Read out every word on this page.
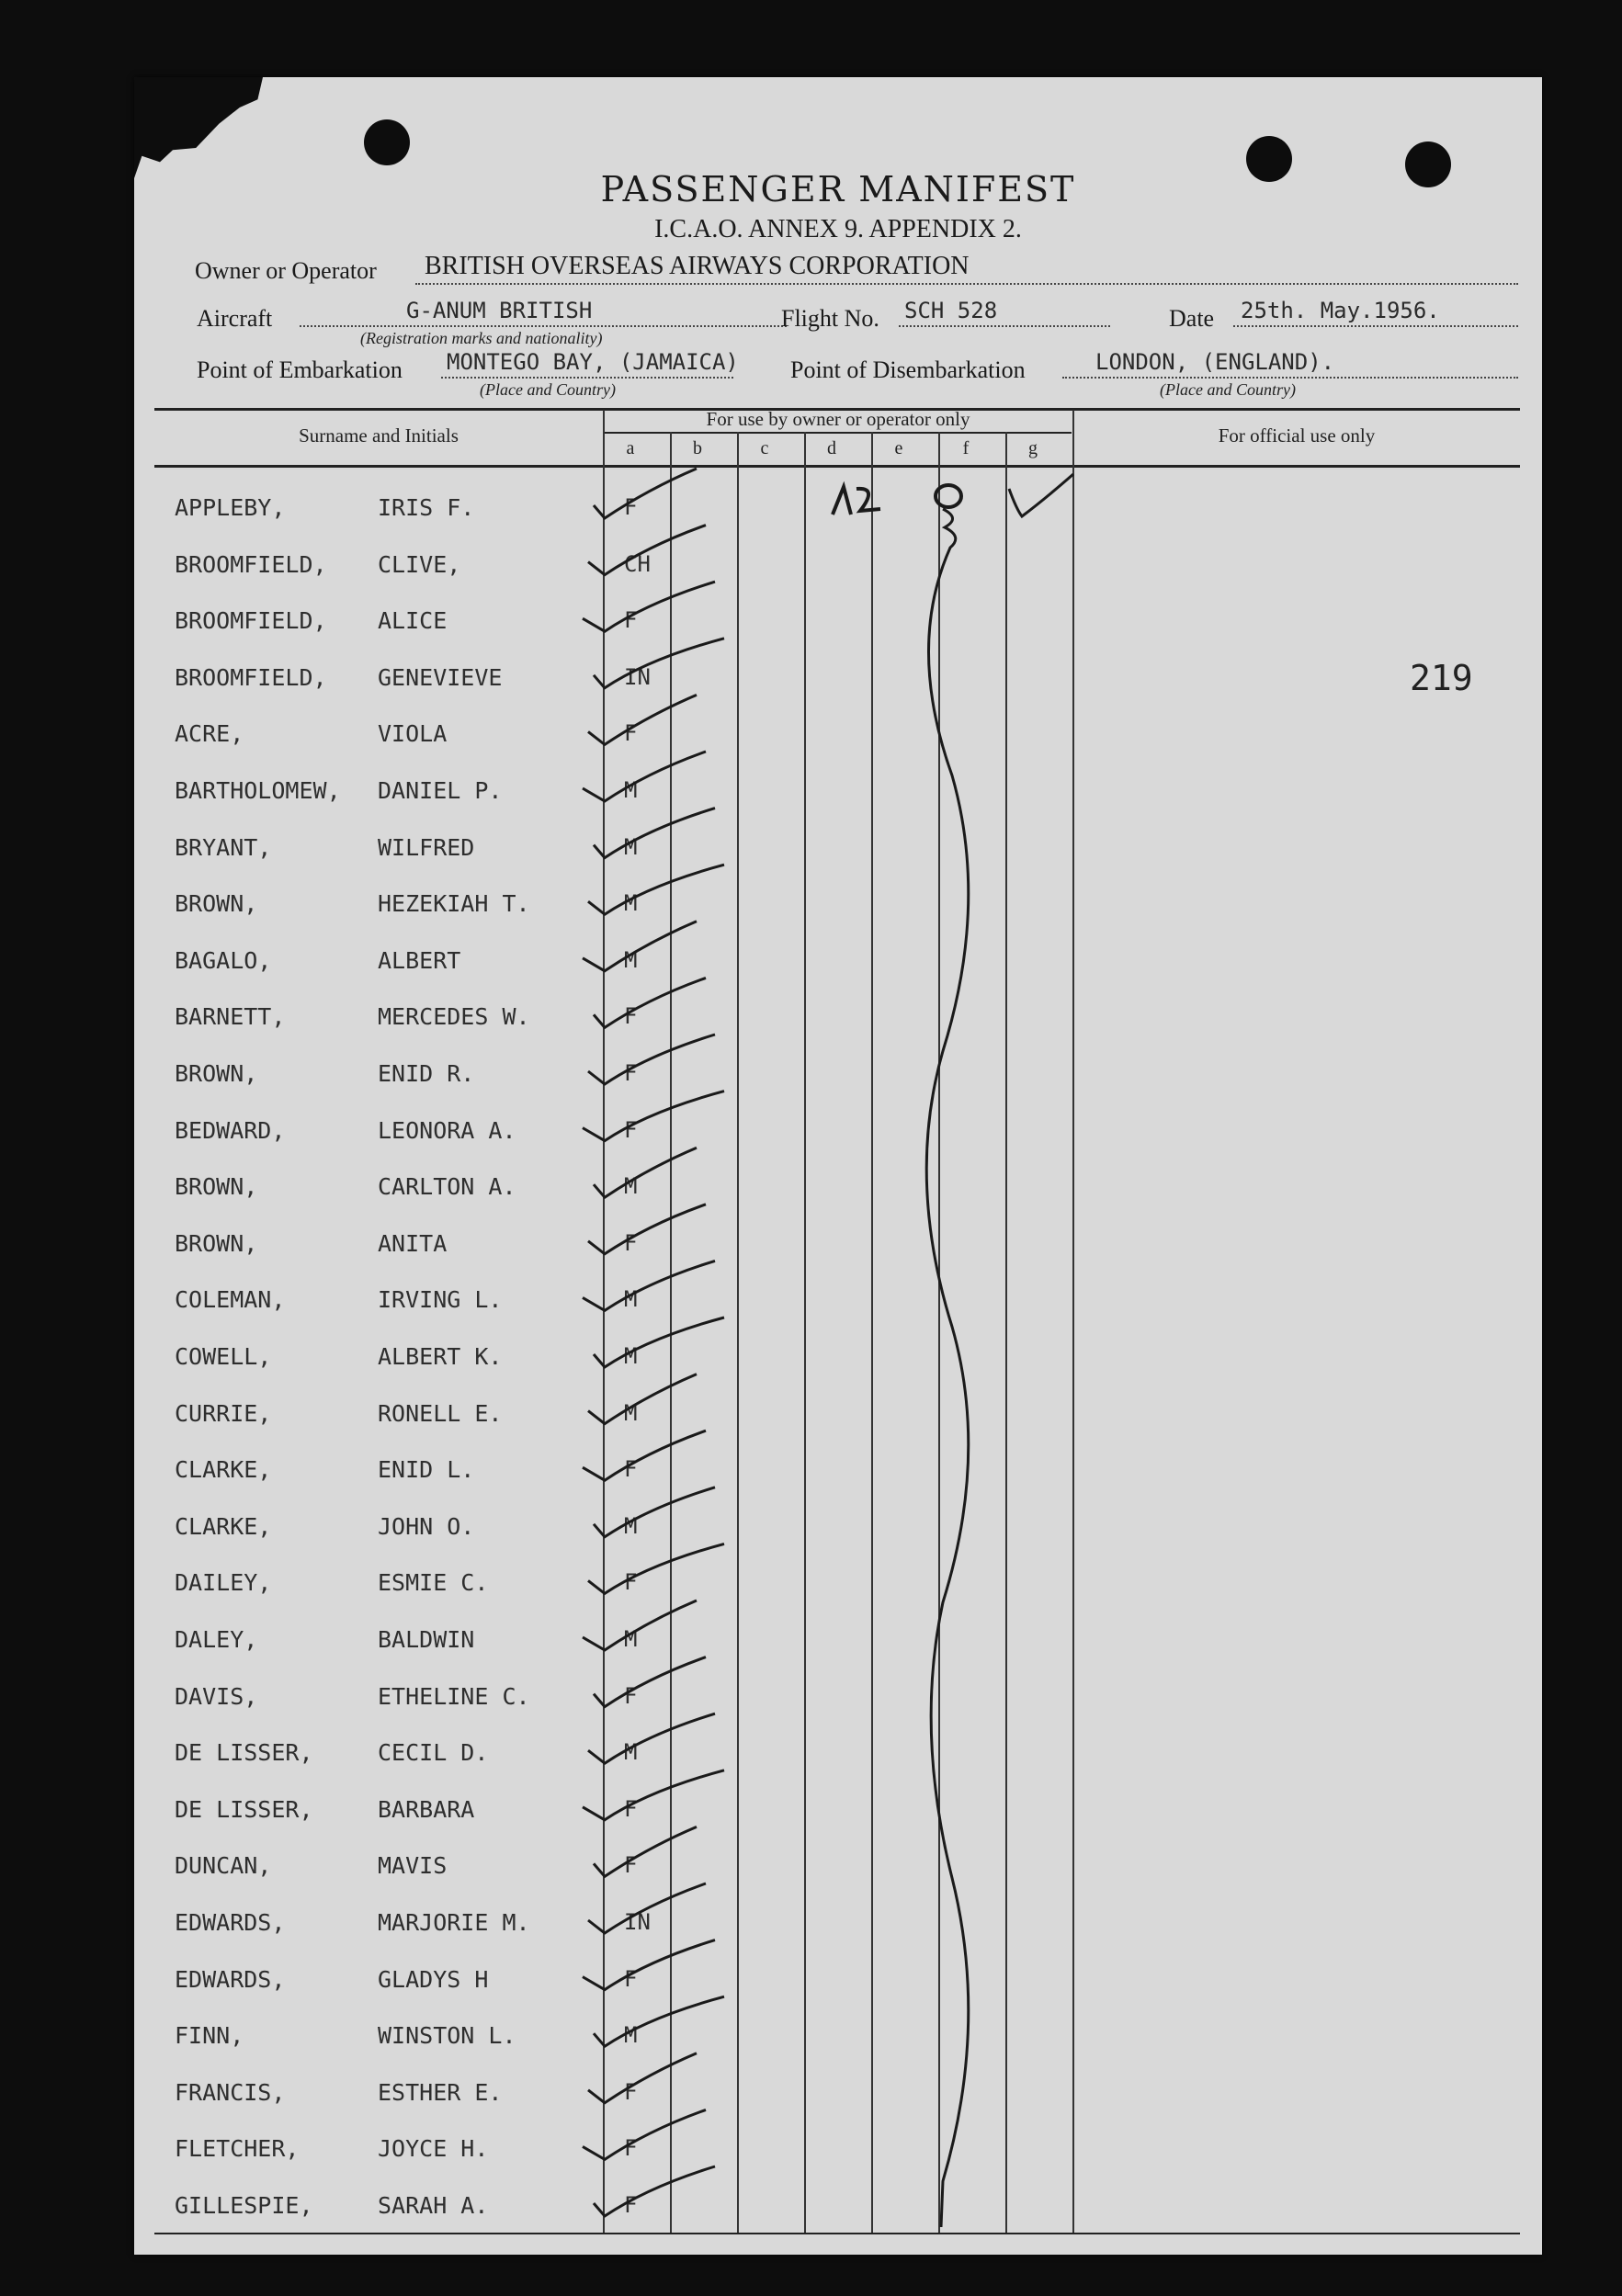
PASSENGER MANIFEST
I.C.A.O. ANNEX 9. APPENDIX 2.
Owner or Operator BRITISH OVERSEAS AIRWAYS CORPORATION
Aircraft	G-ANUM BRITISH
(Registration marks and nationality)
Flight No. SCH 528	Date 25th. May.1956.
Point of Embarkation MONTEGO BAY, (JAMAICA)
(Place and Country)
Point of Disembarkation	LONDON, (ENGLAND).
(Place and Country)
Surname and Initials
For use by owner or operator only
For official use only
a	b	c	d	e	f	g
APPLEBY,	IRIS F.	F
BROOMFIELD, CLIVE,	CH
BROOMFIELD, ALICE	F
BROOMFIELD, GENEVIEVE	IN
ACRE,	VIOLA	F
BARTHOLOMEW, DANIEL P.	M
BRYANT,	WILFRED	M
BROWN,	HEZEKIAH T.	M
BAGALO,	ALBERT	M
BARNETT,	MERCEDES W.	F
BROWN,	ENID R.	F
BEDWARD,	LEONORA A.	F
BROWN,	CARLTON A.	M
BROWN,	ANITA	F
COLEMAN,	IRVING L.	M
COWELL,	ALBERT K.	M
CURRIE,	RONELL E.	M
CLARKE,	ENID L.	F
CLARKE,	JOHN O.	M
DAILEY,	ESMIE C.	F
DALEY,	BALDWIN	M
DAVIS,	ETHELINE C.	F
DE LISSER,	CECIL D.	M
DE LISSER,	BARBARA	F
DUNCAN,	MAVIS	F
EDWARDS,	MARJORIE M.	IN
EDWARDS,	GLADYS H	F
FINN,	WINSTON L.	M
FRANCIS,	ESTHER E.	F
FLETCHER,	JOYCE H.	F
GILLESPIE,	SARAH A.	F
219
